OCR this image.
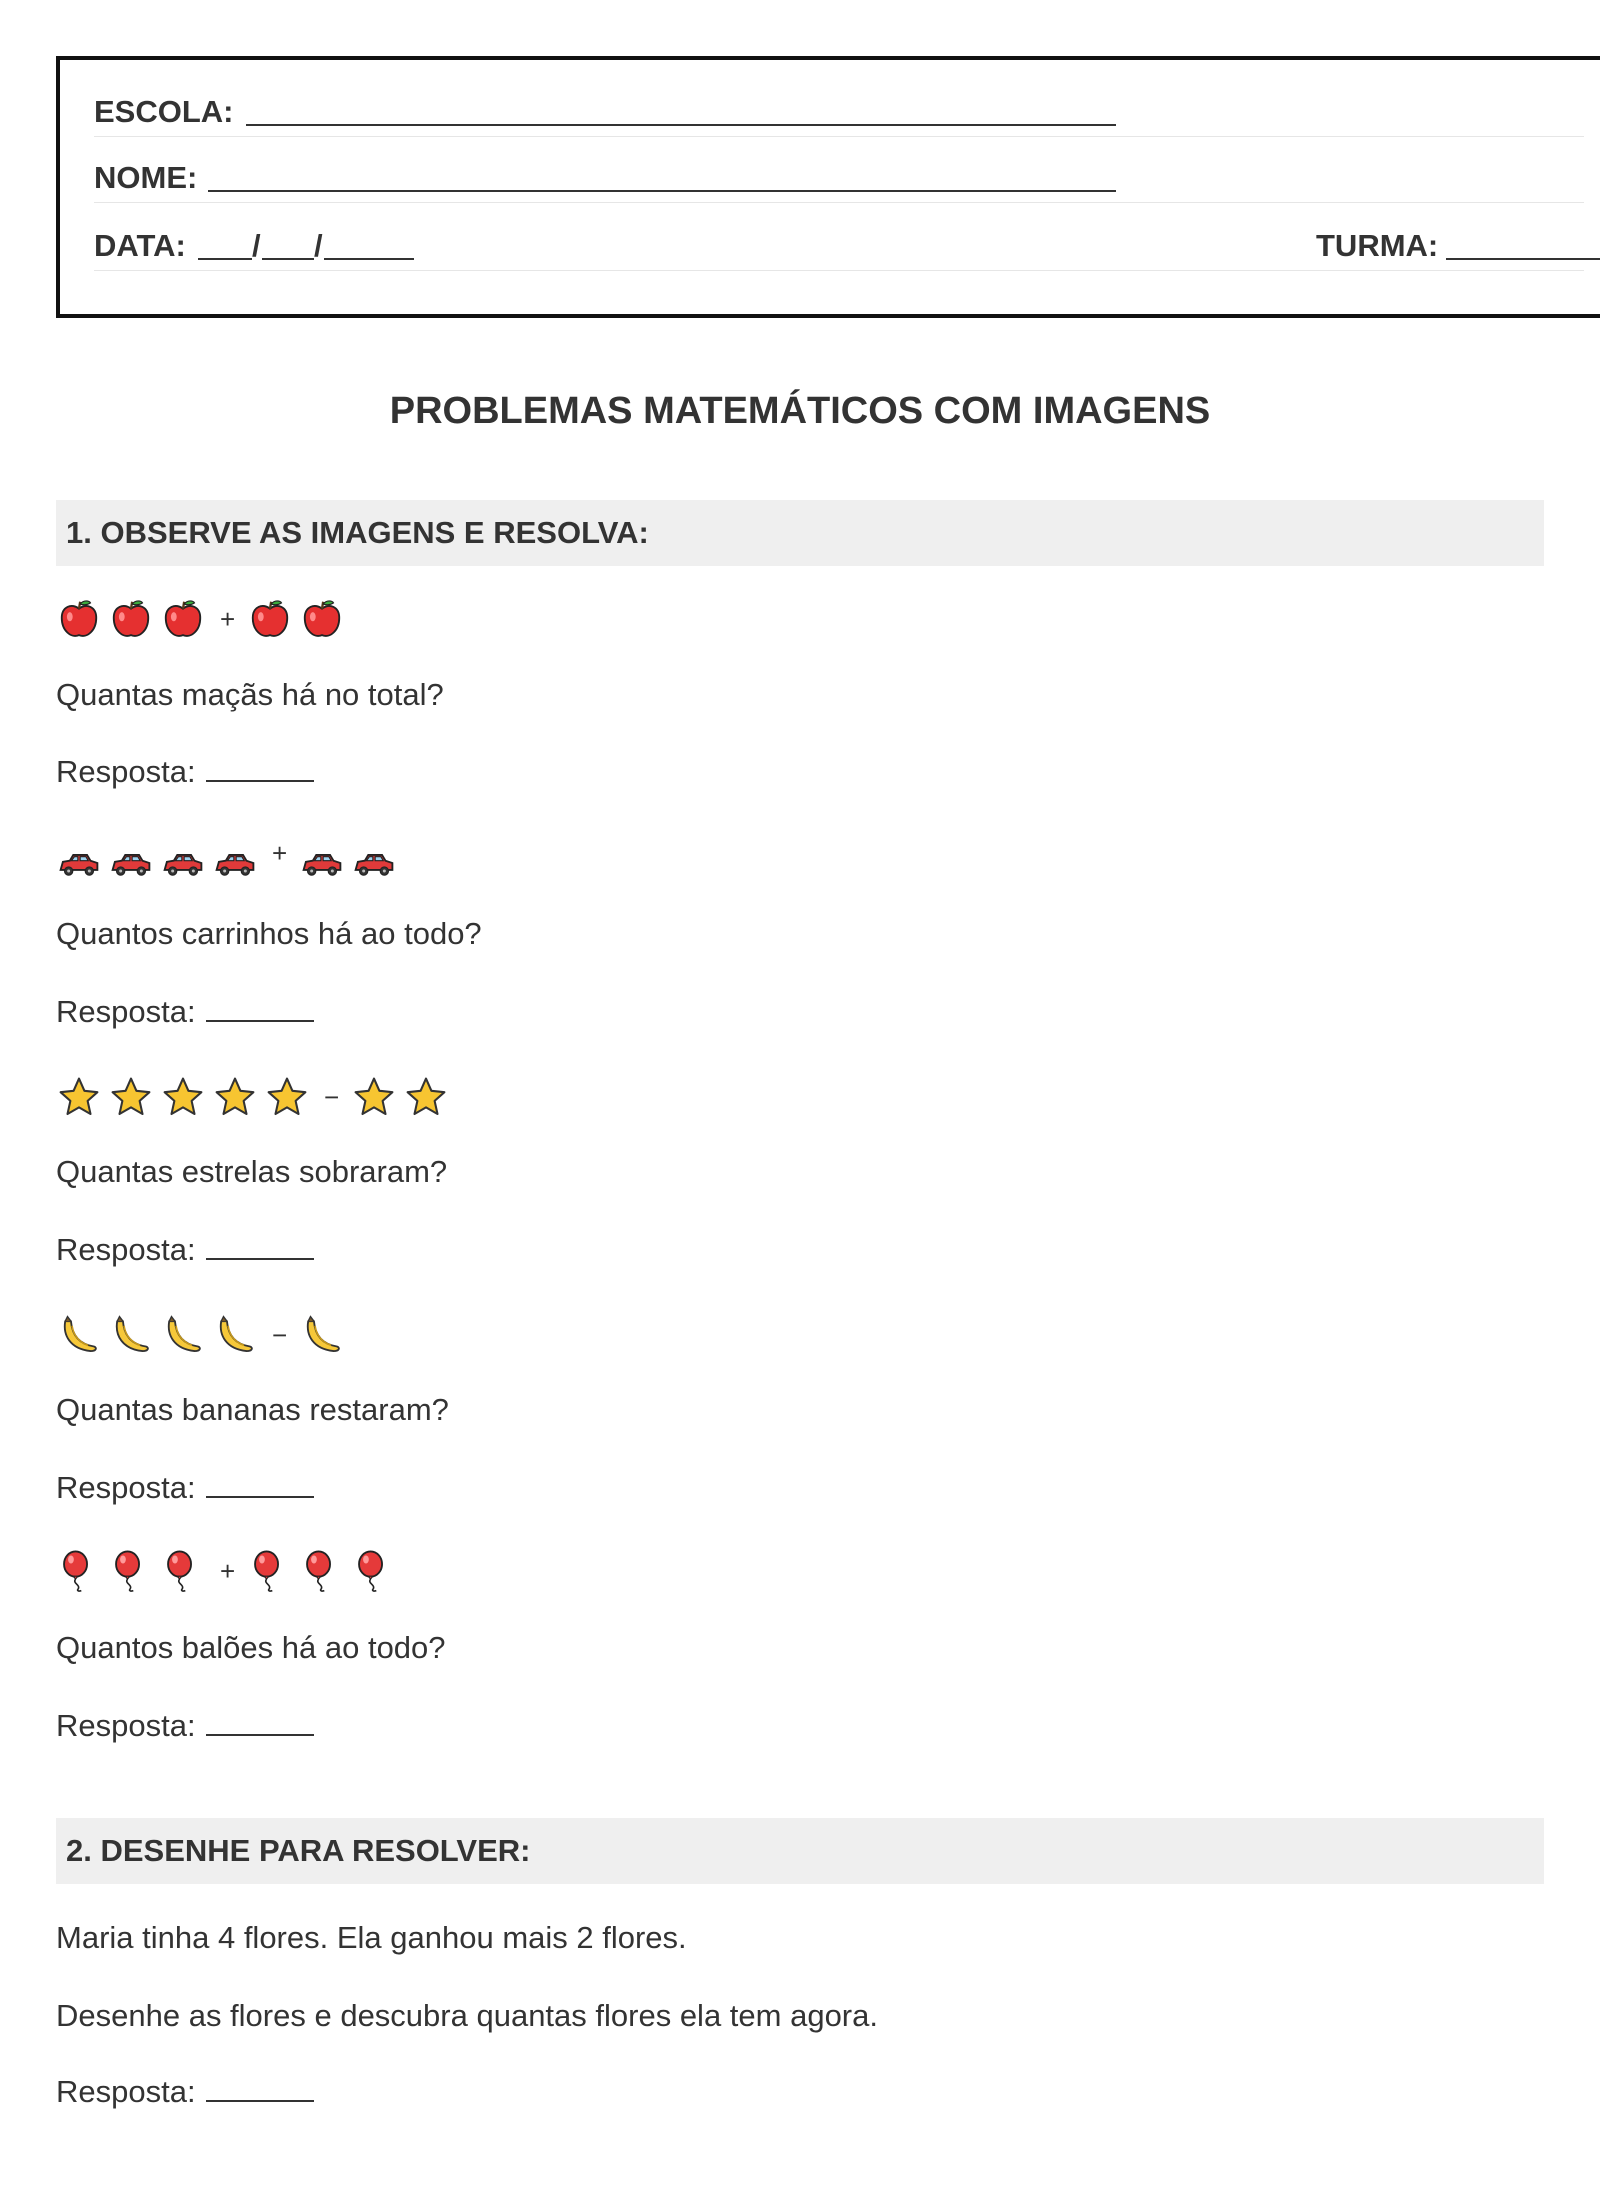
ESCOLA:
NOME:
DATA: / /	TURMA:
PROBLEMAS MATEMÁTICOS COM IMAGENS
1. OBSERVE AS IMAGENS E RESOLVA:
+
Quantas maçãs há no total?
Resposta:
+
Quantos carrinhos há ao todo?
Resposta:
−
Quantas estrelas sobraram?
Resposta:
−
Quantas bananas restaram?
Resposta:
+
Quantos balões há ao todo?
Resposta:
2. DESENHE PARA RESOLVER:
Maria tinha 4 flores. Ela ganhou mais 2 flores.
Desenhe as flores e descubra quantas flores ela tem agora.
Resposta:
